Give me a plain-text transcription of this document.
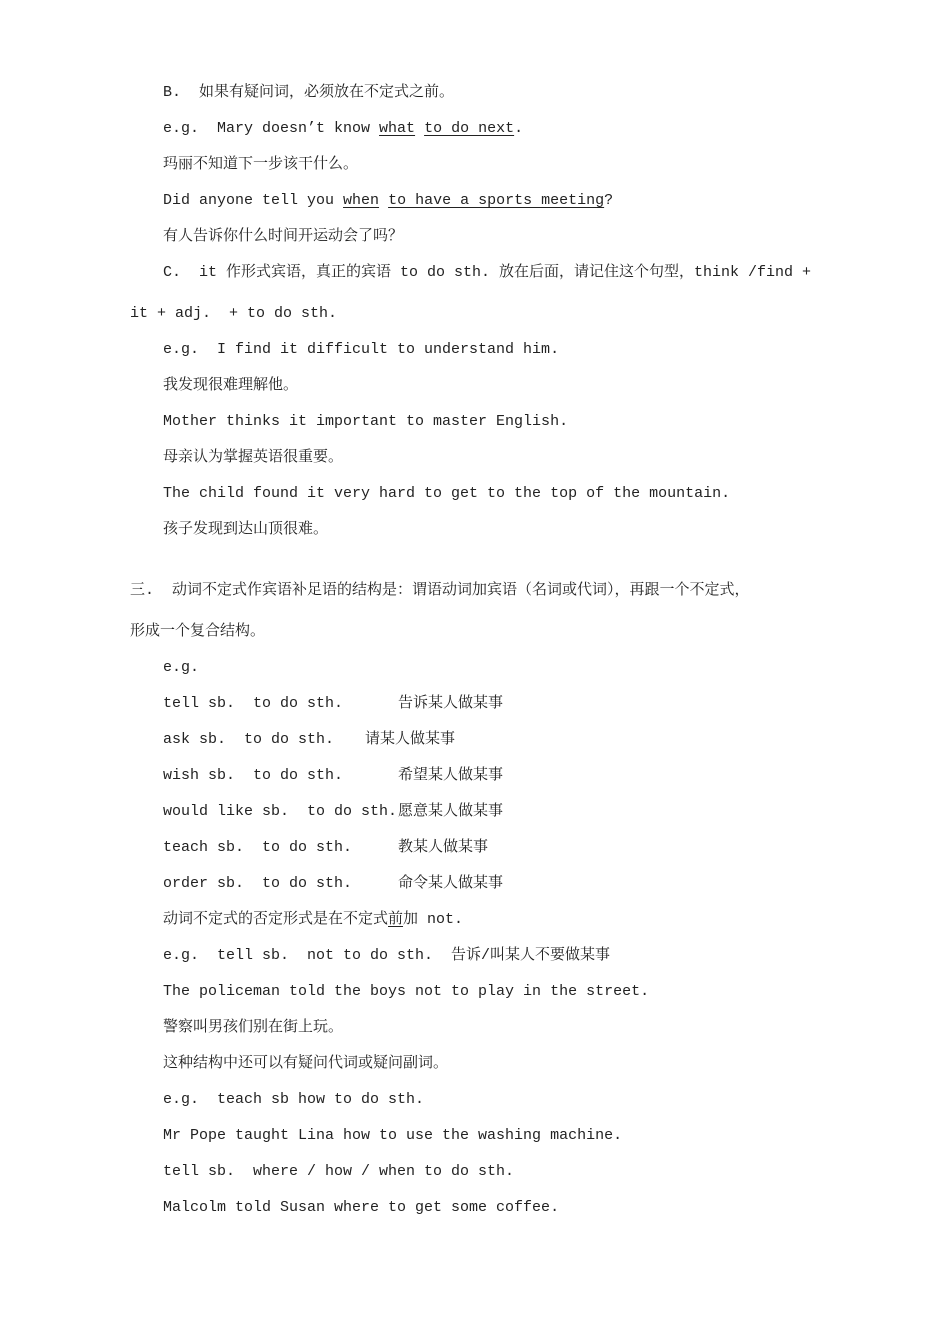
B.  如果有疑问词，必须放在不定式之前。
e.g.  Mary doesn’t know what to do next.
玛丽不知道下一步该干什么。
Did anyone tell you when to have a sports meeting?
有人告诉你什么时间开运动会了吗？
C.  it 作形式宾语，真正的宾语 to do sth. 放在后面，请记住这个句型，think /find +
it + adj.  + to do sth.
e.g.  I find it difficult to understand him.
我发现很难理解他。
Mother thinks it important to master English.
母亲认为掌握英语很重要。
The child found it very hard to get to the top of the mountain.
孩子发现到达山顶很难。
三.  动词不定式作宾语补足语的结构是：谓语动词加宾语（名词或代词），再跟一个不定式，
形成一个复合结构。
e.g.
tell sb.  to do sth.	告诉某人做某事
ask sb.  to do sth. 请某人做某事
wish sb.  to do sth.	希望某人做某事
would like sb.  to do sth. 愿意某人做某事
teach sb.  to do sth.	教某人做某事
order sb.  to do sth.	命令某人做某事
动词不定式的否定形式是在不定式前加 not.
e.g.  tell sb.  not to do sth.  告诉/叫某人不要做某事
The policeman told the boys not to play in the street.
警察叫男孩们别在街上玩。
这种结构中还可以有疑问代词或疑问副词。
e.g.  teach sb how to do sth.
Mr Pope taught Lina how to use the washing machine.
tell sb.  where / how / when to do sth.
Malcolm told Susan where to get some coffee.
